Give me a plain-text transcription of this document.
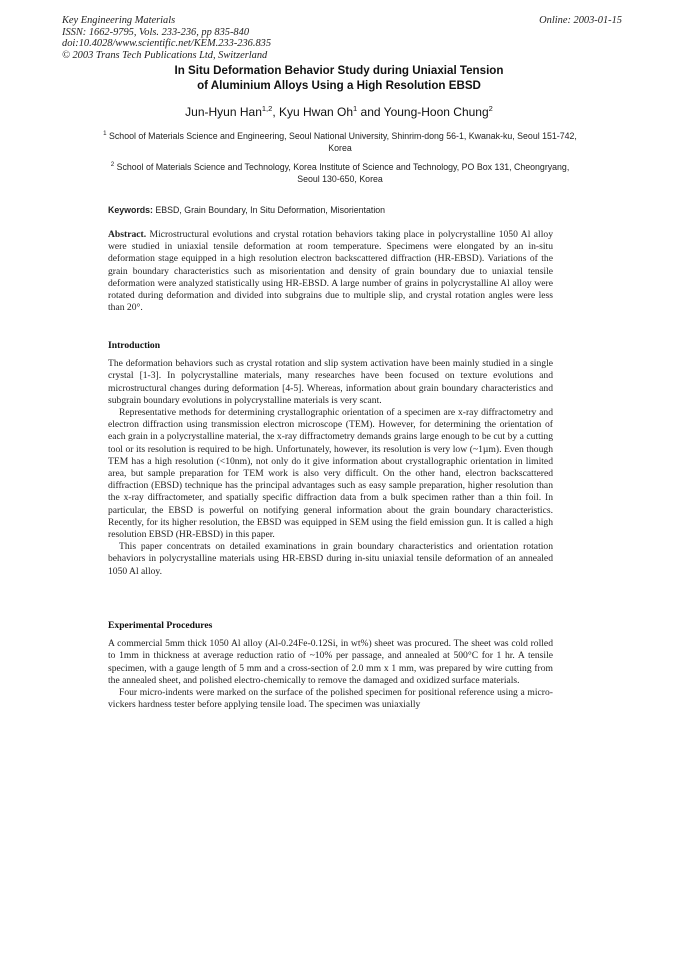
Key Engineering Materials
ISSN: 1662-9795, Vols. 233-236, pp 835-840
doi:10.4028/www.scientific.net/KEM.233-236.835
© 2003 Trans Tech Publications Ltd, Switzerland
Online: 2003-01-15
In Situ Deformation Behavior Study during Uniaxial Tension
of Aluminium Alloys Using a High Resolution EBSD
Jun-Hyun Han$^{1,2}$, Kyu Hwan Oh$^1$ and Young-Hoon Chung$^2$
$^1$ School of Materials Science and Engineering, Seoul National University, Shinrim-dong 56-1, Kwanak-ku, Seoul 151-742, Korea
$^2$ School of Materials Science and Technology, Korea Institute of Science and Technology, PO Box 131, Cheongryang, Seoul 130-650, Korea
Keywords: EBSD, Grain Boundary, In Situ Deformation, Misorientation

Abstract. Microstructural evolutions and crystal rotation behaviors taking place in polycrystalline 1050 Al alloy were studied in uniaxial tensile deformation at room temperature. Specimens were elongated by an in-situ deformation stage equipped in a high resolution electron backscattered diffraction (HR-EBSD). Variations of the grain boundary characteristics such as misorientation and density of grain boundary due to uniaxial tensile deformation were analyzed statistically using HR-EBSD. A large number of grains in polycrystalline Al alloy were rotated during deformation and divided into subgrains due to multiple slip, and crystal rotation angles were less than 20°.

Introduction

The deformation behaviors such as crystal rotation and slip system activation have been mainly studied in a single crystal [1-3]. In polycrystalline materials, many researches have been focused on texture evolutions and microstructural changes during deformation [4-5]. Whereas, information about grain boundary characteristics and subgrain boundary evolutions in polycrystalline materials is very scant.

Representative methods for determining crystallographic orientation of a specimen are x-ray diffractometry and electron diffraction using transmission electron microscope (TEM). However, for determining the orientation of each grain in a polycrystalline material, the x-ray diffractometry demands grains large enough to be cut by a cutting tool or its resolution is required to be high. Unfortunately, however, its resolution is very low (~1µm). Even though TEM has a high resolution (<10nm), not only do it give information about crystallographic orientation in limited area, but sample preparation for TEM work is also very difficult. On the other hand, electron backscattered diffraction (EBSD) technique has the principal advantages such as easy sample preparation, higher resolution than the x-ray diffractometer, and spatially specific diffraction data from a bulk specimen rather than a thin foil. In particular, the EBSD is powerful on notifying general information about the grain boundary characteristics. Recently, for its higher resolution, the EBSD was equipped in SEM using the field emission gun. It is called a high resolution EBSD (HR-EBSD) in this paper.

This paper concentrats on detailed examinations in grain boundary characteristics and orientation rotation behaviors in polycrystalline materials using HR-EBSD during in-situ uniaxial tensile deformation of an annealed 1050 Al alloy.

Experimental Procedures

A commercial 5mm thick 1050 Al alloy (Al-0.24Fe-0.12Si, in wt%) sheet was procured. The sheet was cold rolled to 1mm in thickness at average reduction ratio of ~10% per passage, and annealed at 500°C for 1 hr. A tensile specimen, with a gauge length of 5 mm and a cross-section of 2.0 mm x 1 mm, was prepared by wire cutting from the annealed sheet, and polished electro-chemically to remove the damaged and oxidized surface materials.

Four micro-indents were marked on the surface of the polished specimen for positional reference using a micro-vickers hardness tester before applying tensile load. The specimen was uniaxially
